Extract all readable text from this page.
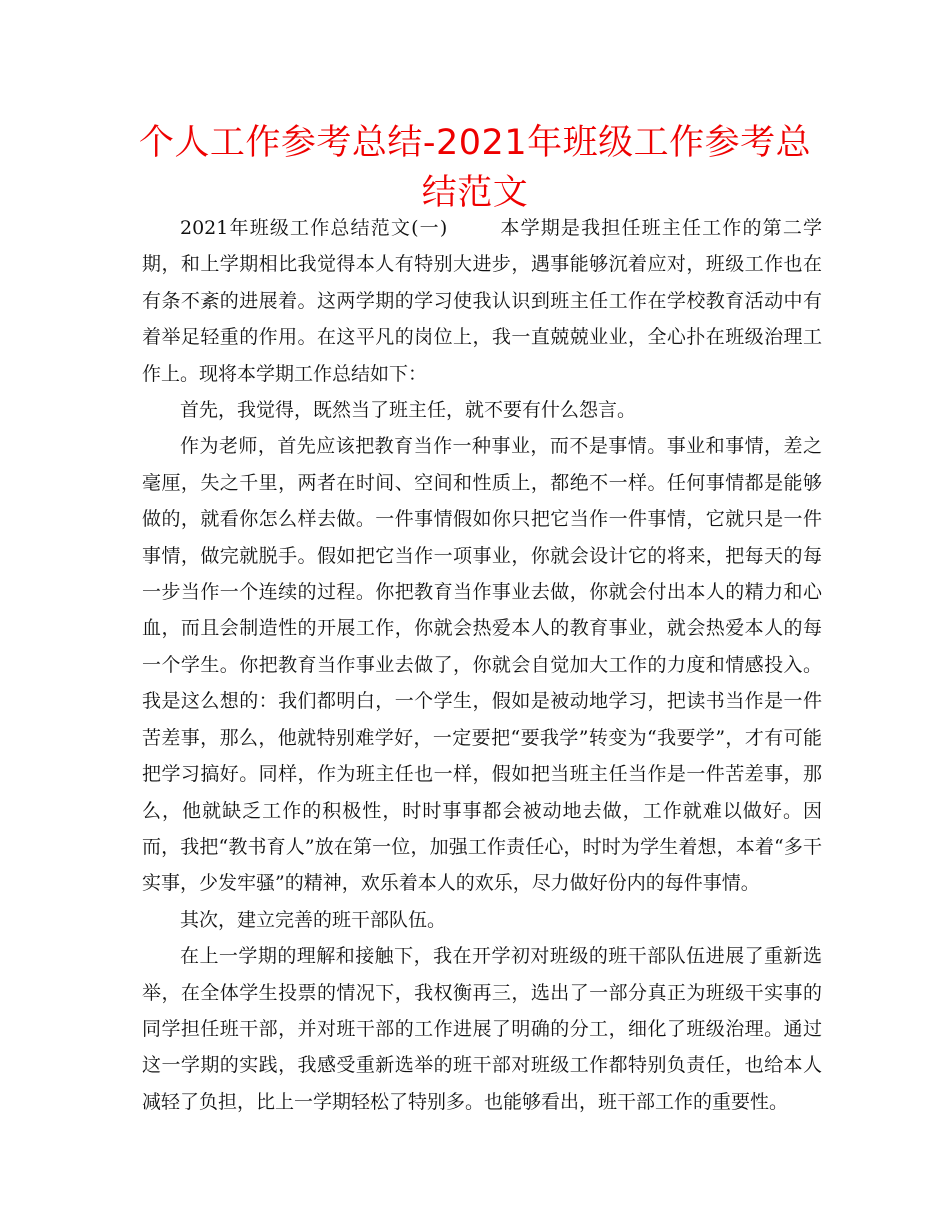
个人工作参考总结-2021年班级工作参考总结范文

2021年班级工作总结范文(一)	本学期是我担任班主任工作的第二学期，和上学期相比我觉得本人有特别大进步，遇事能够沉着应对，班级工作也在有条不紊的进展着。这两学期的学习使我认识到班主任工作在学校教育活动中有着举足轻重的作用。在这平凡的岗位上，我一直兢兢业业，全心扑在班级治理工作上。现将本学期工作总结如下：

首先，我觉得，既然当了班主任，就不要有什么怨言。

作为老师，首先应该把教育当作一种事业，而不是事情。事业和事情，差之毫厘，失之千里，两者在时间、空间和性质上，都绝不一样。任何事情都是能够做的，就看你怎么样去做。一件事情假如你只把它当作一件事情，它就只是一件事情，做完就脱手。假如把它当作一项事业，你就会设计它的将来，把每天的每一步当作一个连续的过程。你把教育当作事业去做，你就会付出本人的精力和心血，而且会制造性的开展工作，你就会热爱本人的教育事业，就会热爱本人的每一个学生。你把教育当作事业去做了，你就会自觉加大工作的力度和情感投入。我是这么想的：我们都明白，一个学生，假如是被动地学习，把读书当作是一件苦差事，那么，他就特别难学好，一定要把“要我学”转变为“我要学”，才有可能把学习搞好。同样，作为班主任也一样，假如把当班主任当作是一件苦差事，那么，他就缺乏工作的积极性，时时事事都会被动地去做，工作就难以做好。因而，我把“教书育人”放在第一位，加强工作责任心，时时为学生着想，本着“多干实事，少发牢骚”的精神，欢乐着本人的欢乐，尽力做好份内的每件事情。

其次，建立完善的班干部队伍。

在上一学期的理解和接触下，我在开学初对班级的班干部队伍进展了重新选举，在全体学生投票的情况下，我权衡再三，选出了一部分真正为班级干实事的同学担任班干部，并对班干部的工作进展了明确的分工，细化了班级治理。通过这一学期的实践，我感受重新选举的班干部对班级工作都特别负责任，也给本人减轻了负担，比上一学期轻松了特别多。也能够看出，班干部工作的重要性。
